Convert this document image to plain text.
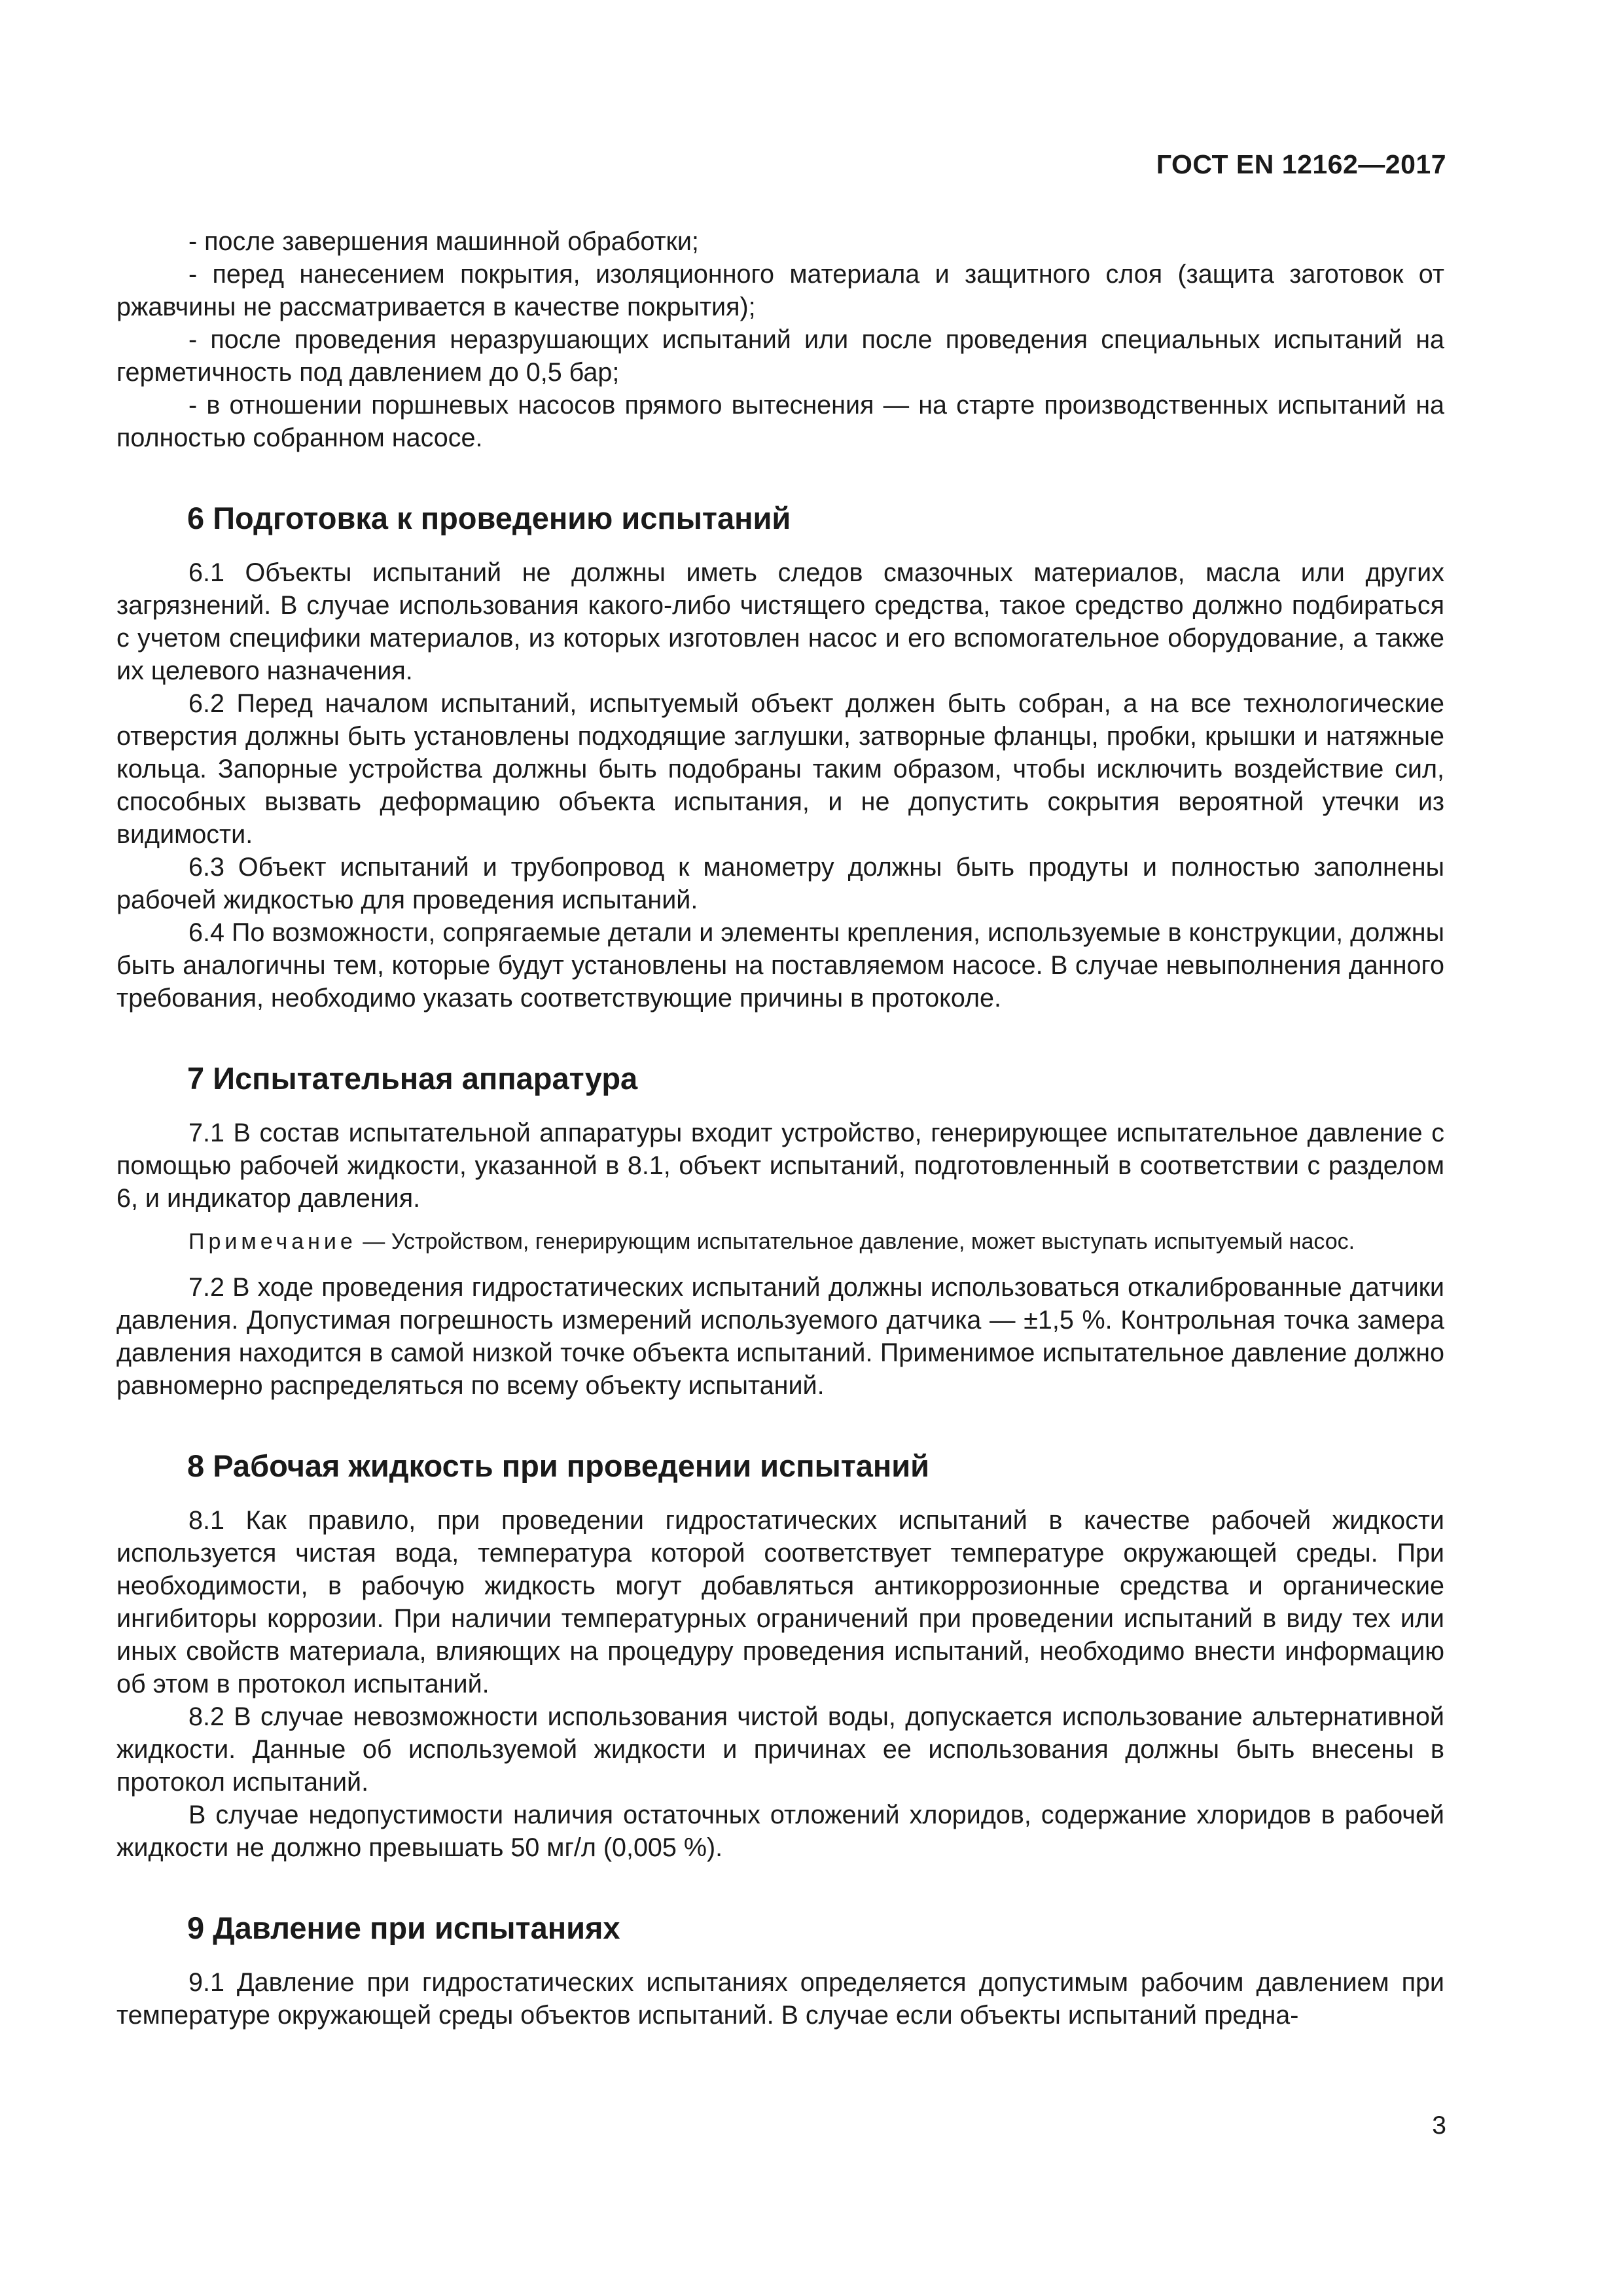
ГОСТ EN 12162—2017

- после завершения машинной обработки;

- перед нанесением покрытия, изоляционного материала и защитного слоя (защита заготовок от ржавчины не рассматривается в качестве покрытия);

- после проведения неразрушающих испытаний или после проведения специальных испытаний на герметичность под давлением до 0,5 бар;

- в отношении поршневых насосов прямого вытеснения — на старте производственных испытаний на полностью собранном насосе.

6 Подготовка к проведению испытаний

6.1 Объекты испытаний не должны иметь следов смазочных материалов, масла или других загрязнений. В случае использования какого-либо чистящего средства, такое средство должно подбираться с учетом специфики материалов, из которых изготовлен насос и его вспомогательное оборудование, а также их целевого назначения.

6.2 Перед началом испытаний, испытуемый объект должен быть собран, а на все технологические отверстия должны быть установлены подходящие заглушки, затворные фланцы, пробки, крышки и натяжные кольца. Запорные устройства должны быть подобраны таким образом, чтобы исключить воздействие сил, способных вызвать деформацию объекта испытания, и не допустить сокрытия вероятной утечки из видимости.

6.3 Объект испытаний и трубопровод к манометру должны быть продуты и полностью заполнены рабочей жидкостью для проведения испытаний.

6.4 По возможности, сопрягаемые детали и элементы крепления, используемые в конструкции, должны быть аналогичны тем, которые будут установлены на поставляемом насосе. В случае невыполнения данного требования, необходимо указать соответствующие причины в протоколе.

7 Испытательная аппаратура

7.1 В состав испытательной аппаратуры входит устройство, генерирующее испытательное давление с помощью рабочей жидкости, указанной в 8.1, объект испытаний, подготовленный в соответствии с разделом 6, и индикатор давления.

Примечание — Устройством, генерирующим испытательное давление, может выступать испытуемый насос.

7.2 В ходе проведения гидростатических испытаний должны использоваться откалиброванные датчики давления. Допустимая погрешность измерений используемого датчика — ±1,5 %. Контрольная точка замера давления находится в самой низкой точке объекта испытаний. Применимое испытательное давление должно равномерно распределяться по всему объекту испытаний.

8 Рабочая жидкость при проведении испытаний

8.1 Как правило, при проведении гидростатических испытаний в качестве рабочей жидкости используется чистая вода, температура которой соответствует температуре окружающей среды. При необходимости, в рабочую жидкость могут добавляться антикоррозионные средства и органические ингибиторы коррозии. При наличии температурных ограничений при проведении испытаний в виду тех или иных свойств материала, влияющих на процедуру проведения испытаний, необходимо внести информацию об этом в протокол испытаний.

8.2 В случае невозможности использования чистой воды, допускается использование альтернативной жидкости. Данные об используемой жидкости и причинах ее использования должны быть внесены в протокол испытаний.

В случае недопустимости наличия остаточных отложений хлоридов, содержание хлоридов в рабочей жидкости не должно превышать 50 мг/л (0,005 %).

9 Давление при испытаниях

9.1 Давление при гидростатических испытаниях определяется допустимым рабочим давлением при температуре окружающей среды объектов испытаний. В случае если объекты испытаний предна-

3
